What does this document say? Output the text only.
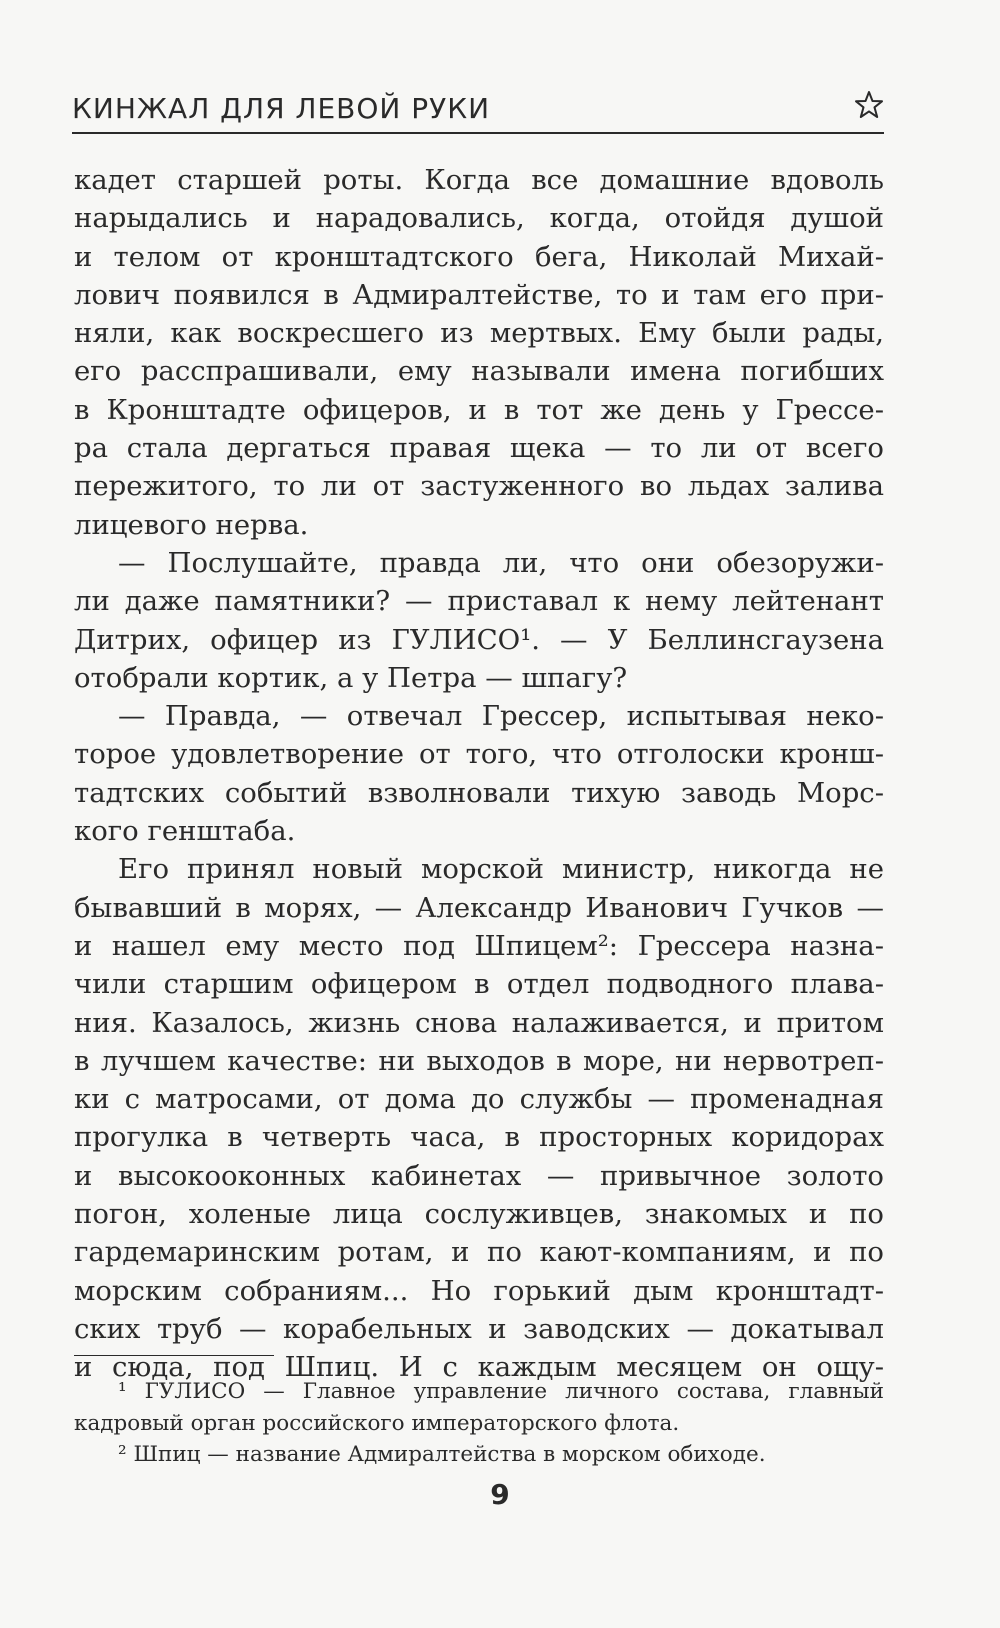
КИНЖАЛ ДЛЯ ЛЕВОЙ РУКИ
кадет старшей роты. Когда все домашние вдоволь
нарыдались и нарадовались, когда, отойдя душой
и телом от кронштадтского бега, Николай Михай-
лович появился в Адмиралтействе, то и там его при-
няли, как воскресшего из мертвых. Ему были рады,
его расспрашивали, ему называли имена погибших
в Кронштадте офицеров, и в тот же день у Грессе-
ра стала дергаться правая щека — то ли от всего
пережитого, то ли от застуженного во льдах залива
лицевого нерва.
— Послушайте, правда ли, что они обезоружи-
ли даже памятники? — приставал к нему лейтенант
Дитрих, офицер из ГУЛИСО¹. — У Беллинсгаузена
отобрали кортик, а у Петра — шпагу?
— Правда, — отвечал Грессер, испытывая неко-
торое удовлетворение от того, что отголоски кронш-
тадтских событий взволновали тихую заводь Морс-
кого генштаба.
Его принял новый морской министр, никогда не
бывавший в морях, — Александр Иванович Гучков —
и нашел ему место под Шпицем²: Грессера назна-
чили старшим офицером в отдел подводного плава-
ния. Казалось, жизнь снова налаживается, и притом
в лучшем качестве: ни выходов в море, ни нервотреп-
ки с матросами, от дома до службы — променадная
прогулка в четверть часа, в просторных коридорах
и высокооконных кабинетах — привычное золото
погон, холеные лица сослуживцев, знакомых и по
гардемаринским ротам, и по кают-компаниям, и по
морским собраниям... Но горький дым кронштадт-
ских труб — корабельных и заводских — докатывал
и сюда, под Шпиц. И с каждым месяцем он ощу-
¹ ГУЛИСО — Главное управление личного состава, главный
кадровый орган российского императорского флота.
² Шпиц — название Адмиралтейства в морском обиходе.
9
